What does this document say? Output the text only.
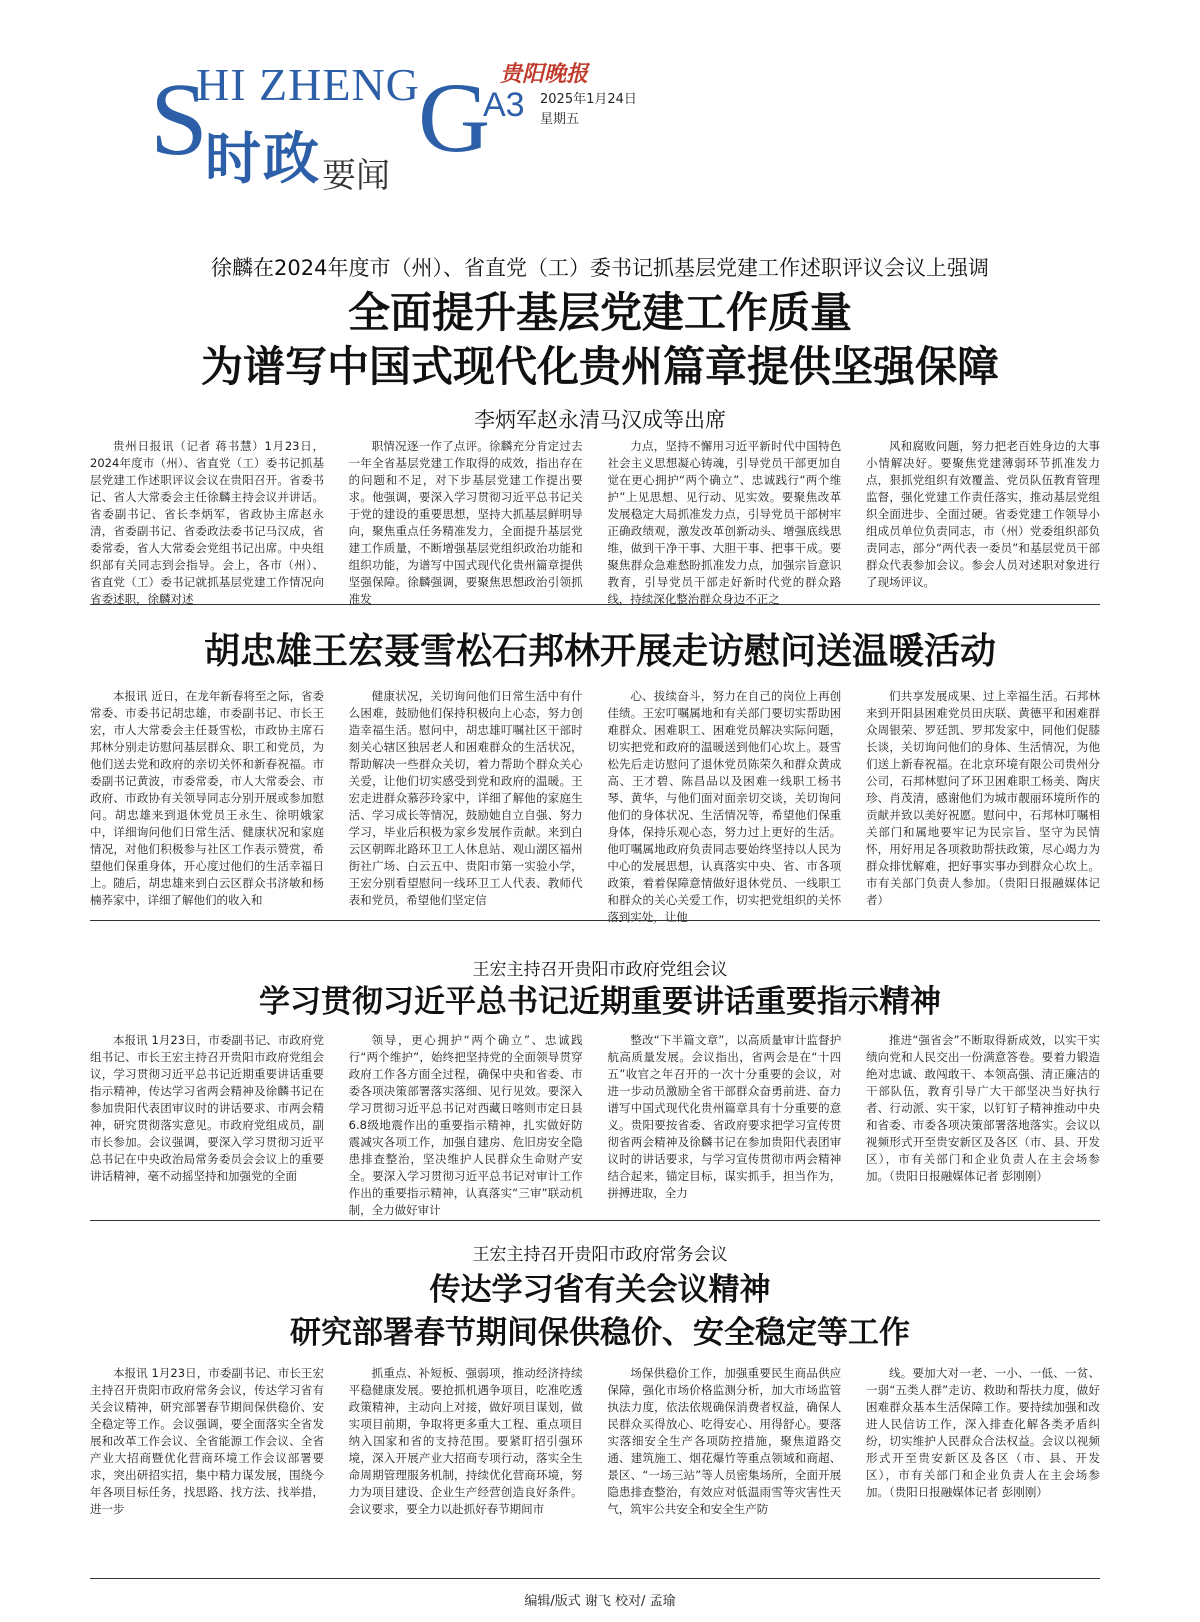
S
HI ZHENG
G
时政 要闻
贵阳晚报
A3 2025年1月24日
星期五
徐麟在2024年度市（州）、省直党（工）委书记抓基层党建工作述职评议会议上强调
全面提升基层党建工作质量
为谱写中国式现代化贵州篇章提供坚强保障
李炳军赵永清马汉成等出席

贵州日报讯（记者 蒋书慧）1月23日，2024年度市（州）、省直党（工）委书记抓基层党建工作述职评议会议在贵阳召开。省委书记、省人大常委会主任徐麟主持会议并讲话。省委副书记、省长李炳军，省政协主席赵永清，省委副书记、省委政法委书记马汉成，省委常委，省人大常委会党组书记出席。中央组织部有关同志到会指导。会上，各市（州）、省直党（工）委书记就抓基层党建工作情况向省委述职，徐麟对述

职情况逐一作了点评。徐麟充分肯定过去一年全省基层党建工作取得的成效，指出存在的问题和不足，对下步基层党建工作提出要求。他强调，要深入学习贯彻习近平总书记关于党的建设的重要思想，坚持大抓基层鲜明导向，聚焦重点任务精准发力，全面提升基层党建工作质量，不断增强基层党组织政治功能和组织功能，为谱写中国式现代化贵州篇章提供坚强保障。徐麟强调，要聚焦思想政治引领抓准发

力点，坚持不懈用习近平新时代中国特色社会主义思想凝心铸魂，引导党员干部更加自觉在更心拥护“两个确立”、忠诚践行“两个维护”上见思想、见行动、见实效。要聚焦改革发展稳定大局抓准发力点，引导党员干部树牢正确政绩观，激发改革创新动头、增强底线思维，做到干净干事、大胆干事、把事干成。要聚焦群众急难愁盼抓准发力点，加强宗旨意识教育，引导党员干部走好新时代党的群众路线，持续深化整治群众身边不正之

风和腐败问题，努力把老百姓身边的大事小情解决好。要聚焦党建薄弱环节抓准发力点，狠抓党组织有效覆盖、党员队伍教育管理监督，强化党建工作责任落实，推动基层党组织全面进步、全面过硬。省委党建工作领导小组成员单位负责同志，市（州）党委组织部负责同志，部分“两代表一委员”和基层党员干部群众代表参加会议。参会人员对述职对象进行了现场评议。

胡忠雄王宏聂雪松石邦林开展走访慰问送温暖活动

本报讯 近日，在龙年新春将至之际，省委常委、市委书记胡忠雄，市委副书记、市长王宏，市人大常委会主任聂雪松，市政协主席石邦林分别走访慰问基层群众、职工和党员，为他们送去党和政府的亲切关怀和新春祝福。市委副书记黄波，市委常委，市人大常委会、市政府、市政协有关领导同志分别开展或参加慰问。胡忠雄来到退休党员王永生、徐明娥家中，详细询问他们日常生活、健康状况和家庭情况，对他们积极参与社区工作表示赞赏，希望他们保重身体，开心度过他们的生活幸福日上。随后，胡忠雄来到白云区群众书济敏和杨楠荞家中，详细了解他们的收入和

健康状况，关切询问他们日常生活中有什么困难，鼓励他们保持积极向上心态，努力创造幸福生活。慰问中，胡忠雄叮嘱社区干部时刻关心辖区独居老人和困难群众的生活状况，帮助解决一些群众关切，着力帮助个群众关心关爱，让他们切实感受到党和政府的温暖。王宏走进群众慕莎玲家中，详细了解他的家庭生活、学习成长等情况，鼓励她自立自强、努力学习，毕业后积极为家乡发展作贡献。来到白云区朝晖北路环卫工人休息站、观山湖区福州街社广场、白云五中、贵阳市第一实验小学，王宏分别看望慰问一线环卫工人代表、教师代表和党员，希望他们坚定信

心、拔续奋斗，努力在自己的岗位上再创佳绩。王宏叮嘱属地和有关部门要切实帮助困难群众、困难职工、困难党员解决实际问题，切实把党和政府的温暖送到他们心坎上。聂雪松先后走访慰问了退休党员陈荣久和群众黄成高、王才碧、陈昌品以及困难一线职工杨书琴、黄华，与他们面对面亲切交谈，关切询问他们的身体状况、生活情况等，希望他们保重身体，保持乐观心态，努力过上更好的生活。他叮嘱属地政府负责同志要始终坚持以人民为中心的发展思想，认真落实中央、省、市各项政策，着着保障意情做好退休党员、一线职工和群众的关心关爱工作，切实把党组织的关怀落到实处，让他

们共享发展成果、过上幸福生活。石邦林来到开阳县困难党员田庆联、黄德平和困难群众周银荣、罗廷凯、罗邦发家中，同他们促膝长谈，关切询问他们的身体、生活情况，为他们送上新春祝福。在北京环境有限公司贵州分公司，石邦林慰问了环卫困难职工杨美、陶庆珍、肖茂清，感谢他们为城市靓丽环境所作的贡献并致以美好祝愿。慰问中，石邦林叮嘱相关部门和属地要牢记为民宗旨、坚守为民情怀，用好用足各项救助帮扶政策，尽心竭力为群众排忧解难，把好事实事办到群众心坎上。市有关部门负责人参加。（贵阳日报融媒体记者）

王宏主持召开贵阳市政府党组会议
学习贯彻习近平总书记近期重要讲话重要指示精神

本报讯 1月23日，市委副书记、市政府党组书记、市长王宏主持召开贵阳市政府党组会议，学习贯彻习近平总书记近期重要讲话重要指示精神，传达学习省两会精神及徐麟书记在参加贵阳代表团审议时的讲话要求、市两会精神，研究贯彻落实意见。市政府党组成员，副市长参加。会议强调，要深入学习贯彻习近平总书记在中央政治局常务委员会会议上的重要讲话精神，毫不动摇坚持和加强党的全面

领导，更心拥护“两个确立”、忠诚践行“两个维护”，始终把坚持党的全面领导贯穿政府工作各方面全过程，确保中央和省委、市委各项决策部署落实落细、见行见效。要深入学习贯彻习近平总书记对西藏日喀则市定日县6.8级地震作出的重要指示精神，扎实做好防震减灾各项工作，加强自建房、危旧房安全隐患排查整治，坚决维护人民群众生命财产安全。要深入学习贯彻习近平总书记对审计工作作出的重要指示精神，认真落实“三审”联动机制，全力做好审计

整改“下半篇文章”，以高质量审计监督护航高质量发展。会议指出，省两会是在“十四五”收官之年召开的一次十分重要的会议，对进一步动员激励全省干部群众奋勇前进、奋力谱写中国式现代化贵州篇章具有十分重要的意义。贵阳要按省委、省政府要求把学习宣传贯彻省两会精神及徐麟书记在参加贵阳代表团审议时的讲话要求，与学习宣传贯彻市两会精神结合起来，锚定目标，谋实抓手，担当作为，拼搏进取，全力

推进“强省会”不断取得新成效，以实干实绩向党和人民交出一份满意答卷。要着力锻造绝对忠诚、敢闯敢干、本领高强、清正廉洁的干部队伍，教育引导广大干部坚决当好执行者、行动派、实干家，以钉钉子精神推动中央和省委、市委各项决策部署落地落实。会议以视频形式开至贵安新区及各区（市、县、开发区），市有关部门和企业负责人在主会场参加。（贵阳日报融媒体记者 彭刚刚）

王宏主持召开贵阳市政府常务会议
传达学习省有关会议精神
研究部署春节期间保供稳价、安全稳定等工作

本报讯 1月23日，市委副书记、市长王宏主持召开贵阳市政府常务会议，传达学习省有关会议精神，研究部署春节期间保供稳价、安全稳定等工作。会议强调，要全面落实全省发展和改革工作会议、全省能源工作会议、全省产业大招商暨优化营商环境工作会议部署要求，突出研招实招，集中精力谋发展，围绕今年各项目标任务，找思路、找方法、找举措，进一步

抓重点、补短板、强弱项，推动经济持续平稳健康发展。要抢抓机遇争项目，吃准吃透政策精神，主动向上对接，做好项目谋划，做实项目前期，争取将更多重大工程、重点项目纳入国家和省的支持范围。要紧盯招引强环境，深入开展产业大招商专项行动，落实全生命周期管理服务机制，持续优化营商环境，努力为项目建设、企业生产经营创造良好条件。会议要求，要全力以赴抓好春节期间市

场保供稳价工作，加强重要民生商品供应保障，强化市场价格监测分析，加大市场监管执法力度，依法依规确保消费者权益，确保人民群众买得放心、吃得安心、用得舒心。要落实落细安全生产各项防控措施，聚焦道路交通、建筑施工、烟花爆竹等重点领域和商超、景区、“一场三站”等人员密集场所，全面开展隐患排查整治，有效应对低温雨雪等灾害性天气，筑牢公共安全和安全生产防

线。要加大对一老、一小、一低、一贫、一弱“五类人群”走访、救助和帮扶力度，做好困难群众基本生活保障工作。要持续加强和改进人民信访工作，深入排查化解各类矛盾纠纷，切实维护人民群众合法权益。会议以视频形式开至贵安新区及各区（市、县、开发区），市有关部门和企业负责人在主会场参加。（贵阳日报融媒体记者 彭刚刚）

编辑/版式 谢飞 校对/ 孟瑜
